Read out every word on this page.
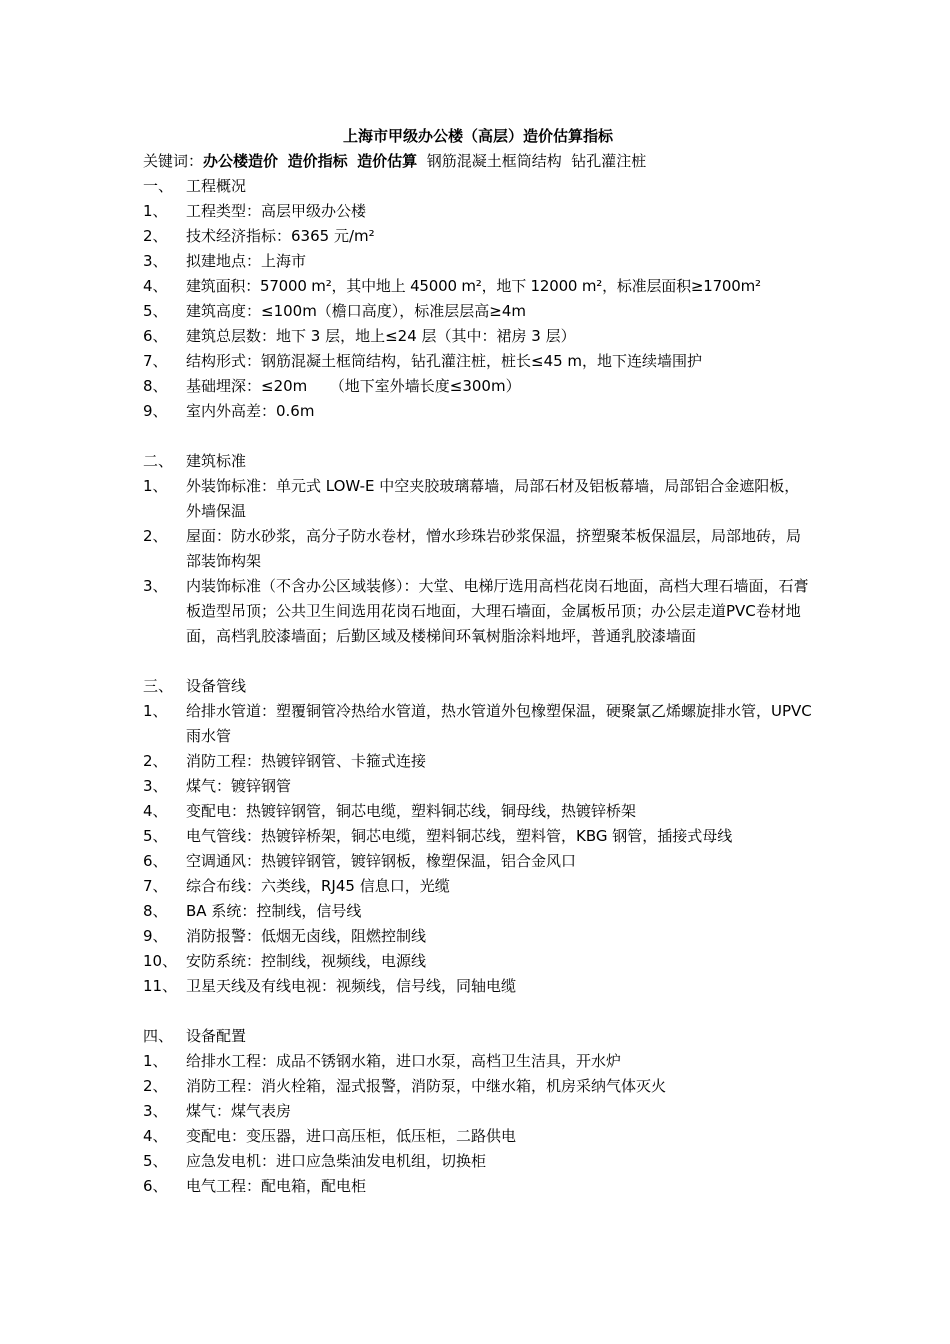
上海市甲级办公楼（高层）造价估算指标
关键词：办公楼造价 造价指标 造价估算 钢筋混凝土框筒结构 钻孔灌注桩
一、 工程概况
1、	工程类型：高层甲级办公楼
2、	技术经济指标：6365 元/m²
3、	拟建地点：上海市
4、	建筑面积：57000 m²，其中地上 45000 m²，地下 12000 m²，标准层面积≥1700m²
5、	建筑高度：≤100m（檐口高度），标准层层高≥4m
6、	建筑总层数：地下 3 层，地上≤24 层（其中：裙房 3 层）
7、	结构形式：钢筋混凝土框筒结构，钻孔灌注桩，桩长≤45 m，地下连续墙围护
8、	基础埋深：≤20m　　（地下室外墙长度≤300m）
9、	室内外高差：0.6m
二、 建筑标准
1、	外装饰标准：单元式 LOW-E 中空夹胶玻璃幕墙，局部石材及铝板幕墙，局部铝合金遮阳板，外墙保温
2、	屋面：防水砂浆，高分子防水卷材，憎水珍珠岩砂浆保温，挤塑聚苯板保温层，局部地砖，局部装饰构架
3、	内装饰标准（不含办公区域装修）：大堂、电梯厅选用高档花岗石地面，高档大理石墙面，石膏板造型吊顶；公共卫生间选用花岗石地面，大理石墙面，金属板吊顶；办公层走道PVC卷材地面，高档乳胶漆墙面；后勤区域及楼梯间环氧树脂涂料地坪，普通乳胶漆墙面
三、 设备管线
1、	给排水管道：塑覆铜管冷热给水管道，热水管道外包橡塑保温，硬聚氯乙烯螺旋排水管，UPVC 雨水管
2、	消防工程：热镀锌钢管、卡箍式连接
3、	煤气：镀锌钢管
4、	变配电：热镀锌钢管，铜芯电缆，塑料铜芯线，铜母线，热镀锌桥架
5、	电气管线：热镀锌桥架，铜芯电缆，塑料铜芯线，塑料管，KBG 钢管，插接式母线
6、	空调通风：热镀锌钢管，镀锌钢板，橡塑保温，铝合金风口
7、	综合布线：六类线，RJ45 信息口，光缆
8、	BA 系统：控制线，信号线
9、	消防报警：低烟无卤线，阻燃控制线
10、 安防系统：控制线，视频线，电源线
11、 卫星天线及有线电视：视频线，信号线，同轴电缆
四、 设备配置
1、	给排水工程：成品不锈钢水箱，进口水泵，高档卫生洁具，开水炉
2、	消防工程：消火栓箱，湿式报警，消防泵，中继水箱，机房采纳气体灭火
3、	煤气：煤气表房
4、	变配电：变压器，进口高压柜，低压柜，二路供电
5、	应急发电机：进口应急柴油发电机组，切换柜
6、	电气工程：配电箱，配电柜
